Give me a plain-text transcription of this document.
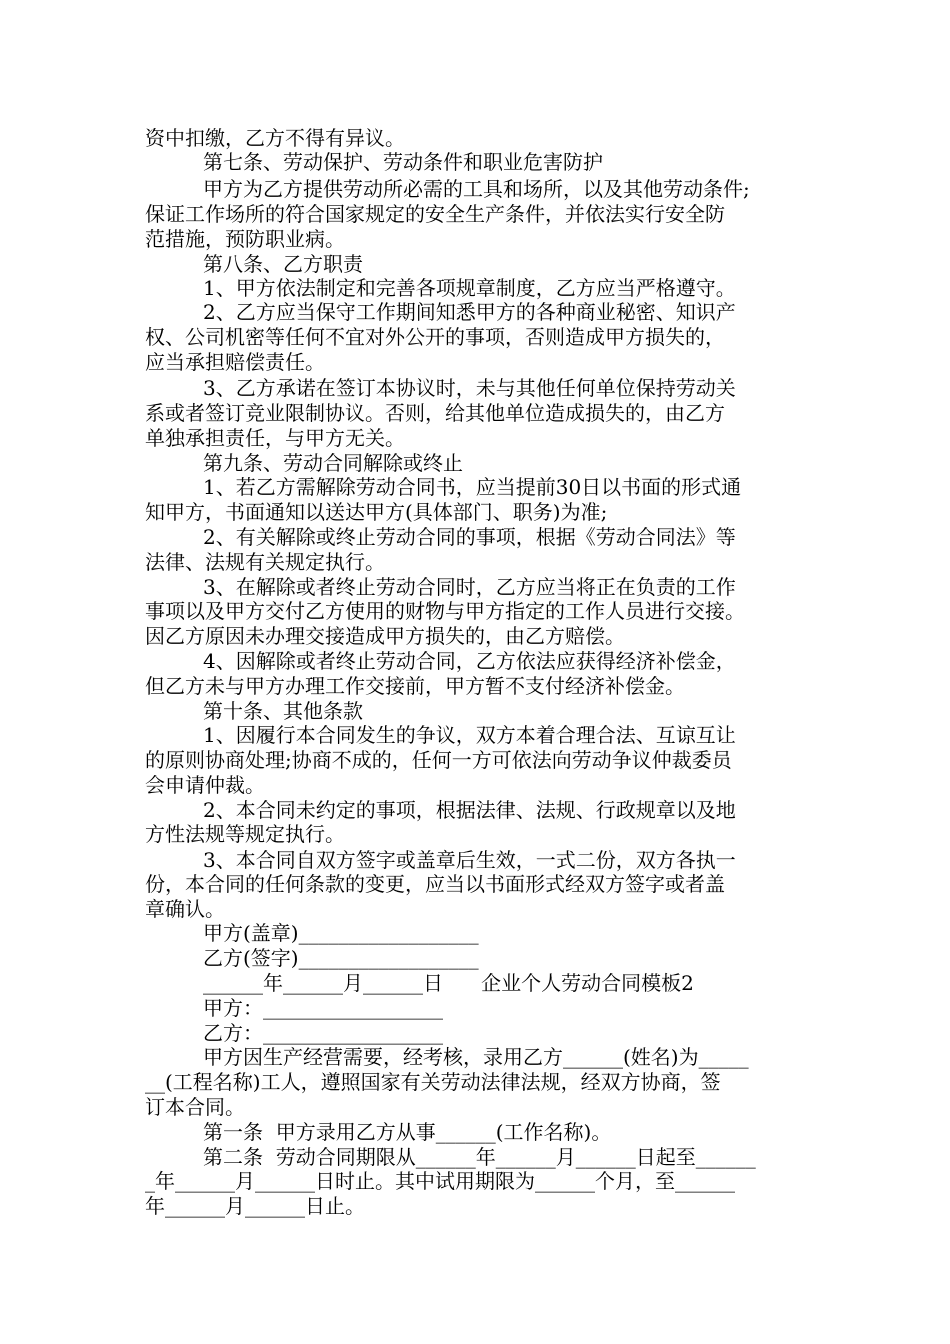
资中扣缴，乙方不得有异议。
第七条、劳动保护、劳动条件和职业危害防护
甲方为乙方提供劳动所必需的工具和场所，以及其他劳动条件;
保证工作场所的符合国家规定的安全生产条件，并依法实行安全防
范措施，预防职业病。
第八条、乙方职责
1、甲方依法制定和完善各项规章制度，乙方应当严格遵守。
2、乙方应当保守工作期间知悉甲方的各种商业秘密、知识产
权、公司机密等任何不宜对外公开的事项，否则造成甲方损失的，
应当承担赔偿责任。
3、乙方承诺在签订本协议时，未与其他任何单位保持劳动关
系或者签订竞业限制协议。否则，给其他单位造成损失的，由乙方
单独承担责任，与甲方无关。
第九条、劳动合同解除或终止
1、若乙方需解除劳动合同书，应当提前30日以书面的形式通
知甲方，书面通知以送达甲方(具体部门、职务)为准;
2、有关解除或终止劳动合同的事项，根据《劳动合同法》等
法律、法规有关规定执行。
3、在解除或者终止劳动合同时，乙方应当将正在负责的工作
事项以及甲方交付乙方使用的财物与甲方指定的工作人员进行交接。
因乙方原因未办理交接造成甲方损失的，由乙方赔偿。
4、因解除或者终止劳动合同，乙方依法应获得经济补偿金，
但乙方未与甲方办理工作交接前，甲方暂不支付经济补偿金。
第十条、其他条款
1、因履行本合同发生的争议，双方本着合理合法、互谅互让
的原则协商处理;协商不成的，任何一方可依法向劳动争议仲裁委员
会申请仲裁。
2、本合同未约定的事项，根据法律、法规、行政规章以及地
方性法规等规定执行。
3、本合同自双方签字或盖章后生效，一式二份，双方各执一
份，本合同的任何条款的变更，应当以书面形式经双方签字或者盖
章确认。
甲方(盖章)__________________
乙方(签字)__________________
______年______月______日      企业个人劳动合同模板2
甲方：__________________
乙方：__________________
甲方因生产经营需要，经考核，录用乙方______(姓名)为_____
__(工程名称)工人，遵照国家有关劳动法律法规，经双方协商，签
订本合同。
第一条  甲方录用乙方从事______(工作名称)。
第二条  劳动合同期限从______年______月______日起至______
_年______月______日时止。其中试用期限为______个月，至______
年______月______日止。
